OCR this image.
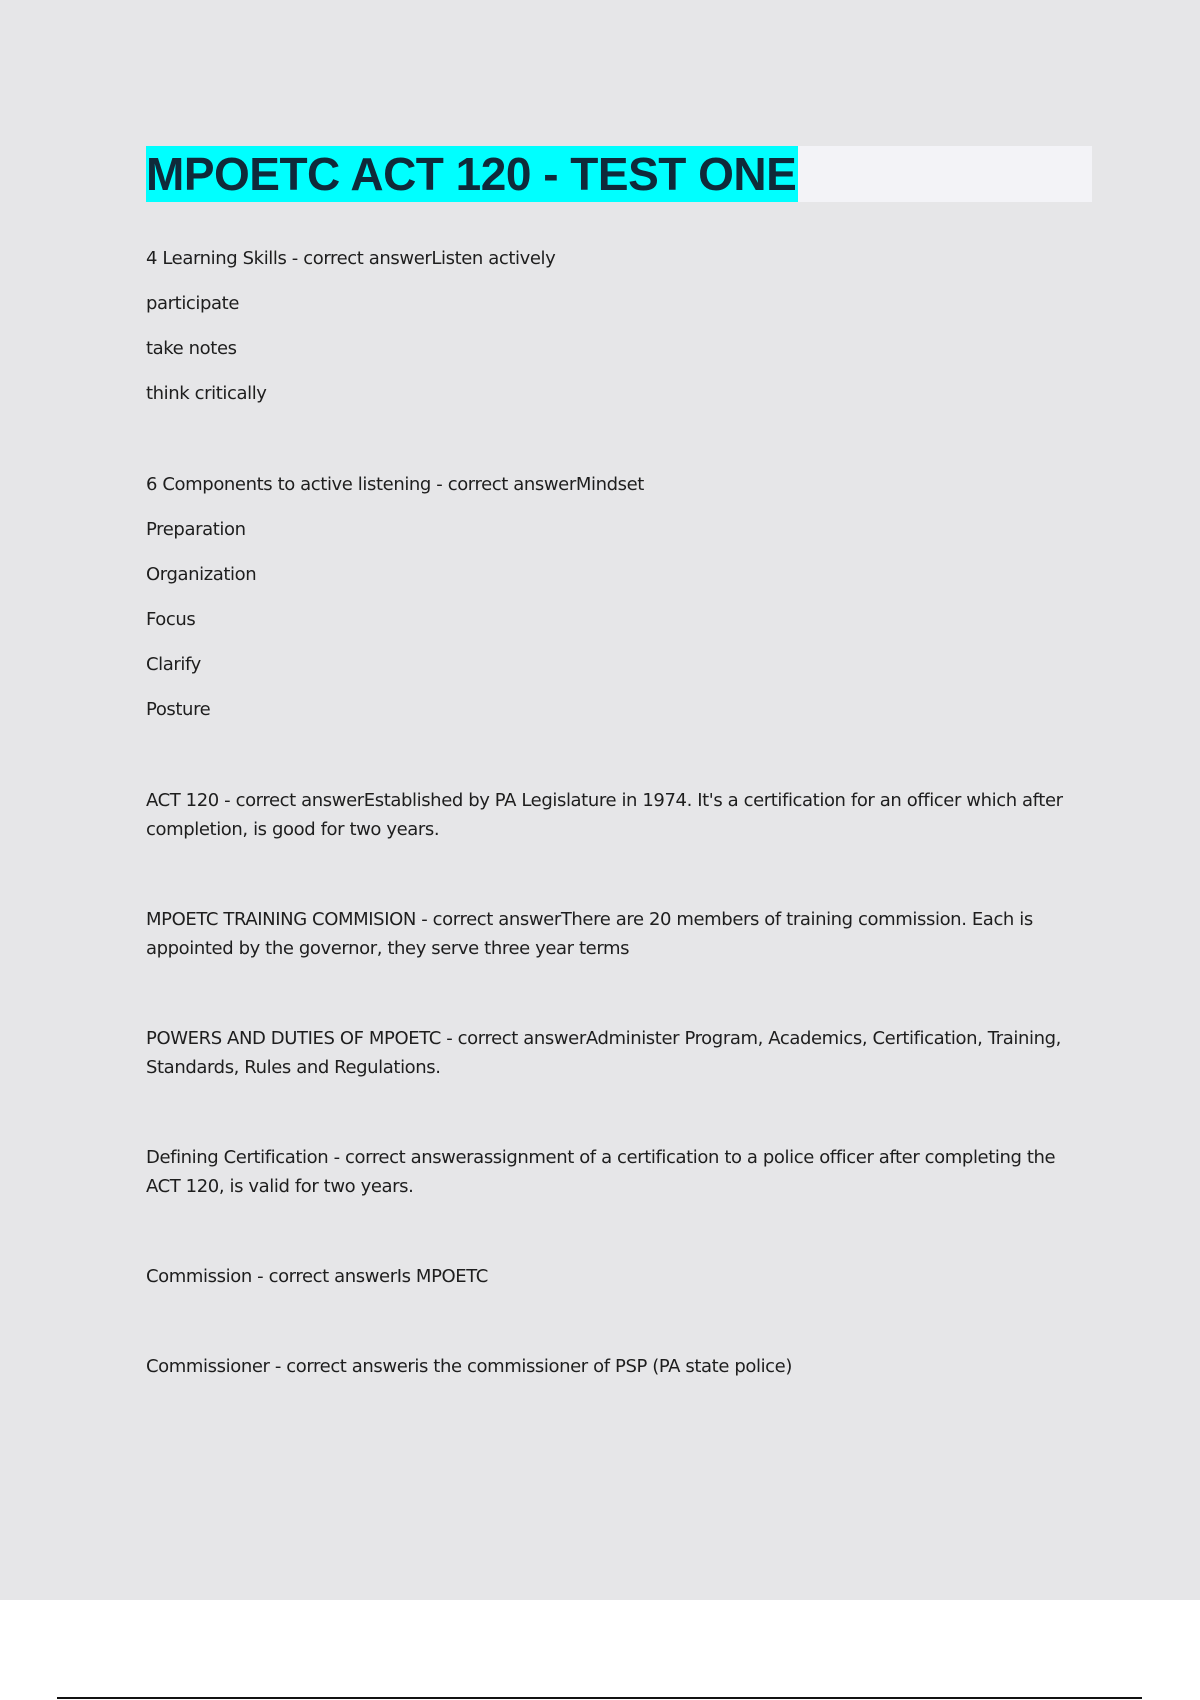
MPOETC ACT 120 - TEST ONE
4 Learning Skills - correct answerListen actively
participate
take notes
think critically
6 Components to active listening - correct answerMindset
Preparation
Organization
Focus
Clarify
Posture
ACT 120 - correct answerEstablished by PA Legislature in 1974. It's a certification for an officer which after completion, is good for two years.
MPOETC TRAINING COMMISION - correct answerThere are 20 members of training commission. Each is appointed by the governor, they serve three year terms
POWERS AND DUTIES OF MPOETC - correct answerAdminister Program, Academics, Certification, Training, Standards, Rules and Regulations.
Defining Certification - correct answerassignment of a certification to a police officer after completing the ACT 120, is valid for two years.
Commission - correct answerIs MPOETC
Commissioner - correct answeris the commissioner of PSP (PA state police)
